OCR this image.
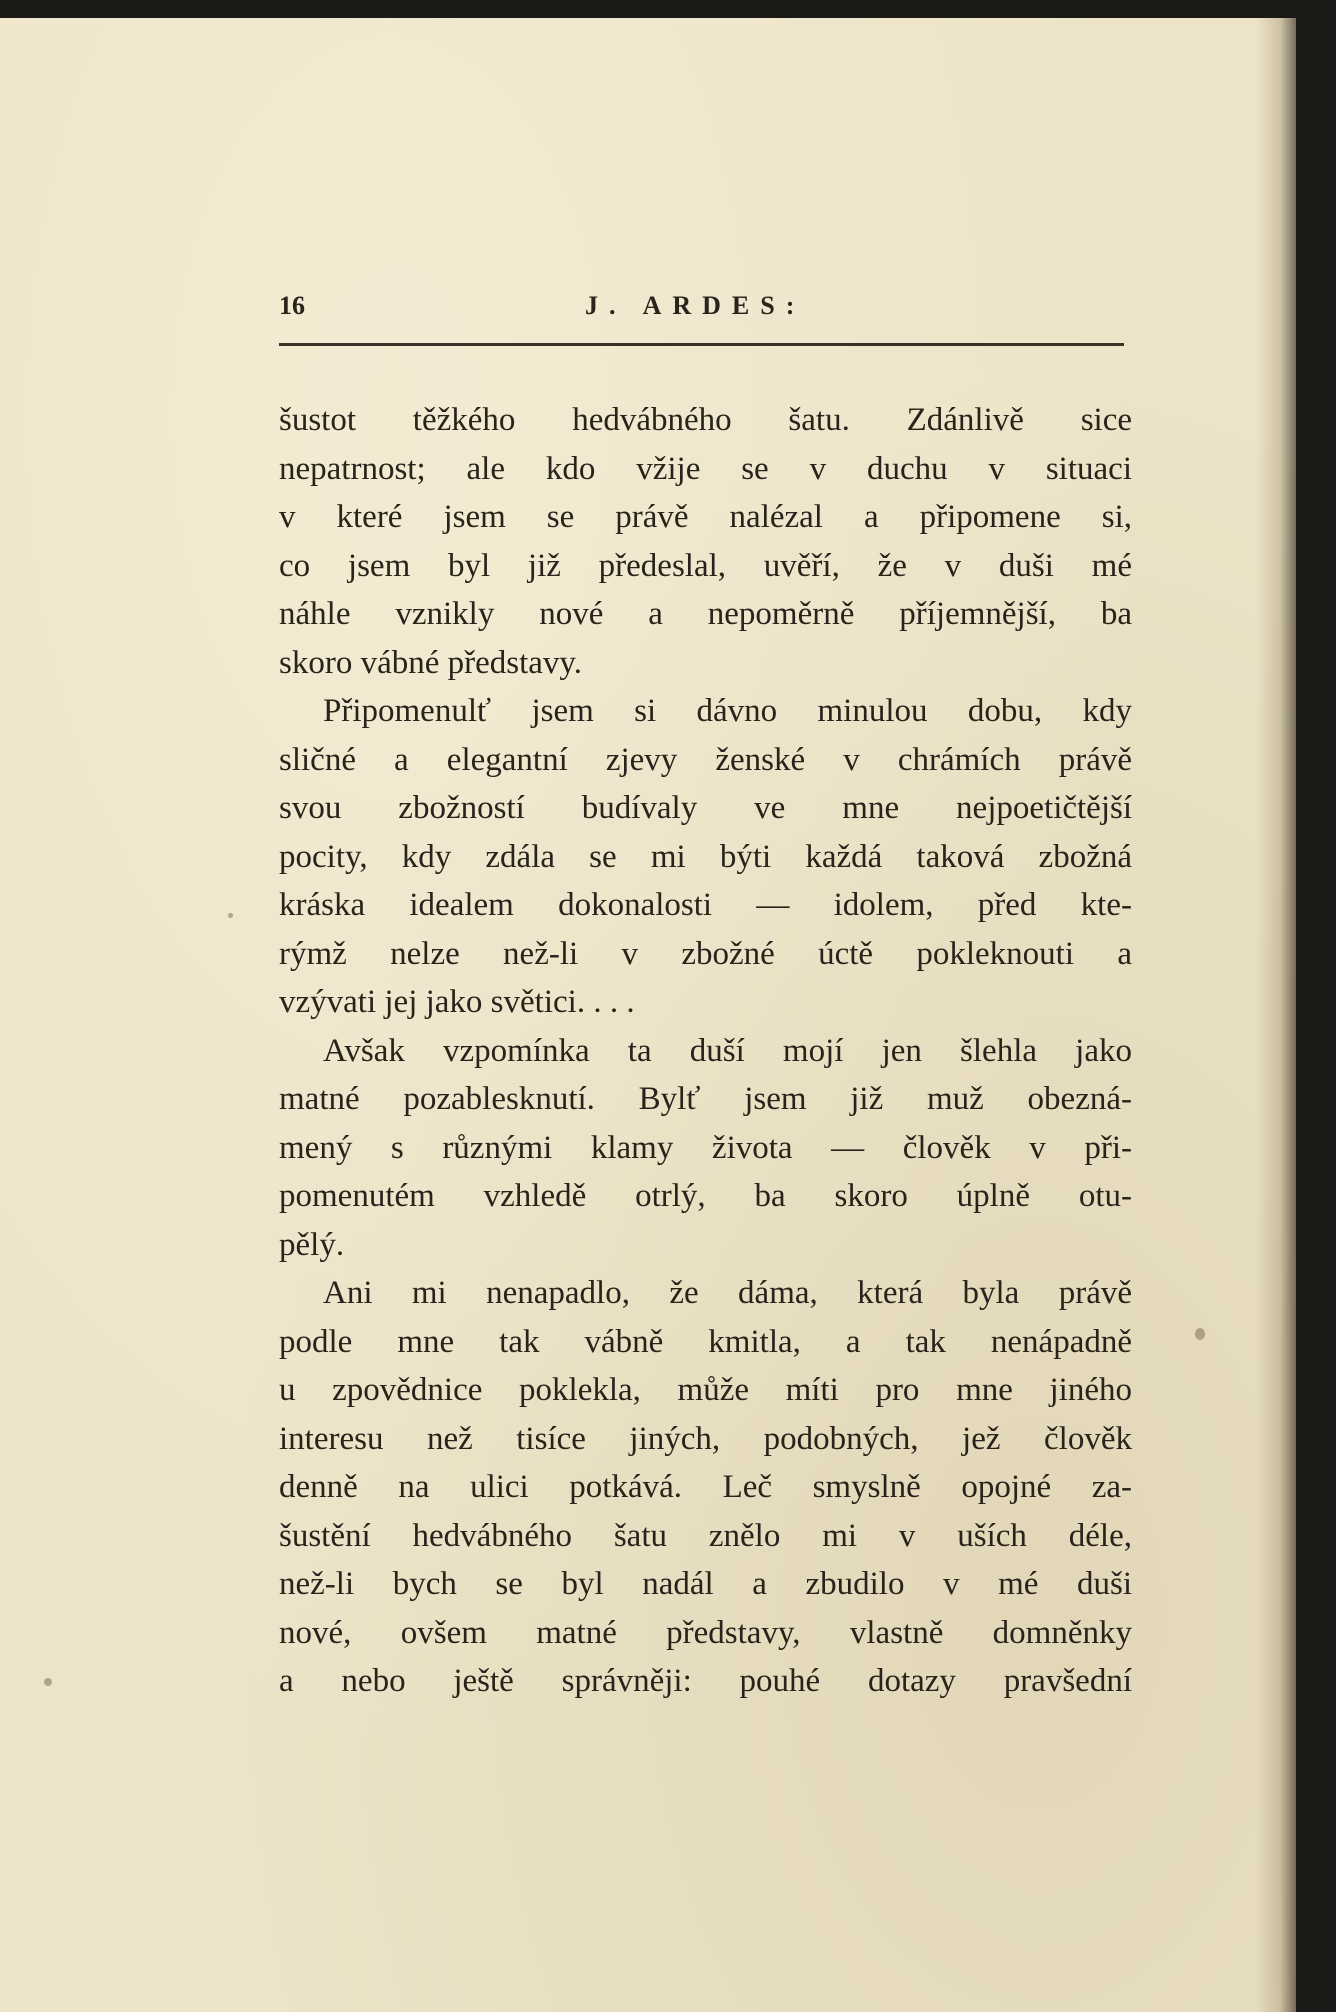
16	J. ARDES:
šustot těžkého hedvábného šatu. Zdánlivě sice
nepatrnost; ale kdo vžije se v duchu v situaci
v které jsem se právě nalézal a připomene si,
co jsem byl již předeslal, uvěří, že v duši mé
náhle vznikly nové a nepoměrně příjemnější, ba
skoro vábné představy.
Připomenulť jsem si dávno minulou dobu, kdy
sličné a elegantní zjevy ženské v chrámích právě
svou zbožností budívaly ve mne nejpoetičtější
pocity, kdy zdála se mi býti každá taková zbožná
kráska idealem dokonalosti — idolem, před kte-
rýmž nelze než-li v zbožné úctě pokleknouti a
vzývati jej jako světici. . . .
Avšak vzpomínka ta duší mojí jen šlehla jako
matné pozablesknutí. Bylť jsem již muž obezná-
mený s různými klamy života — člověk v při-
pomenutém vzhledě otrlý, ba skoro úplně otu-
pělý.
Ani mi nenapadlo, že dáma, která byla právě
podle mne tak vábně kmitla, a tak nenápadně
u zpovědnice poklekla, může míti pro mne jiného
interesu než tisíce jiných, podobných, jež člověk
denně na ulici potkává. Leč smyslně opojné za-
šustění hedvábného šatu znělo mi v uších déle,
než-li bych se byl nadál a zbudilo v mé duši
nové, ovšem matné představy, vlastně domněnky
a nebo ještě správněji: pouhé dotazy pravšední
